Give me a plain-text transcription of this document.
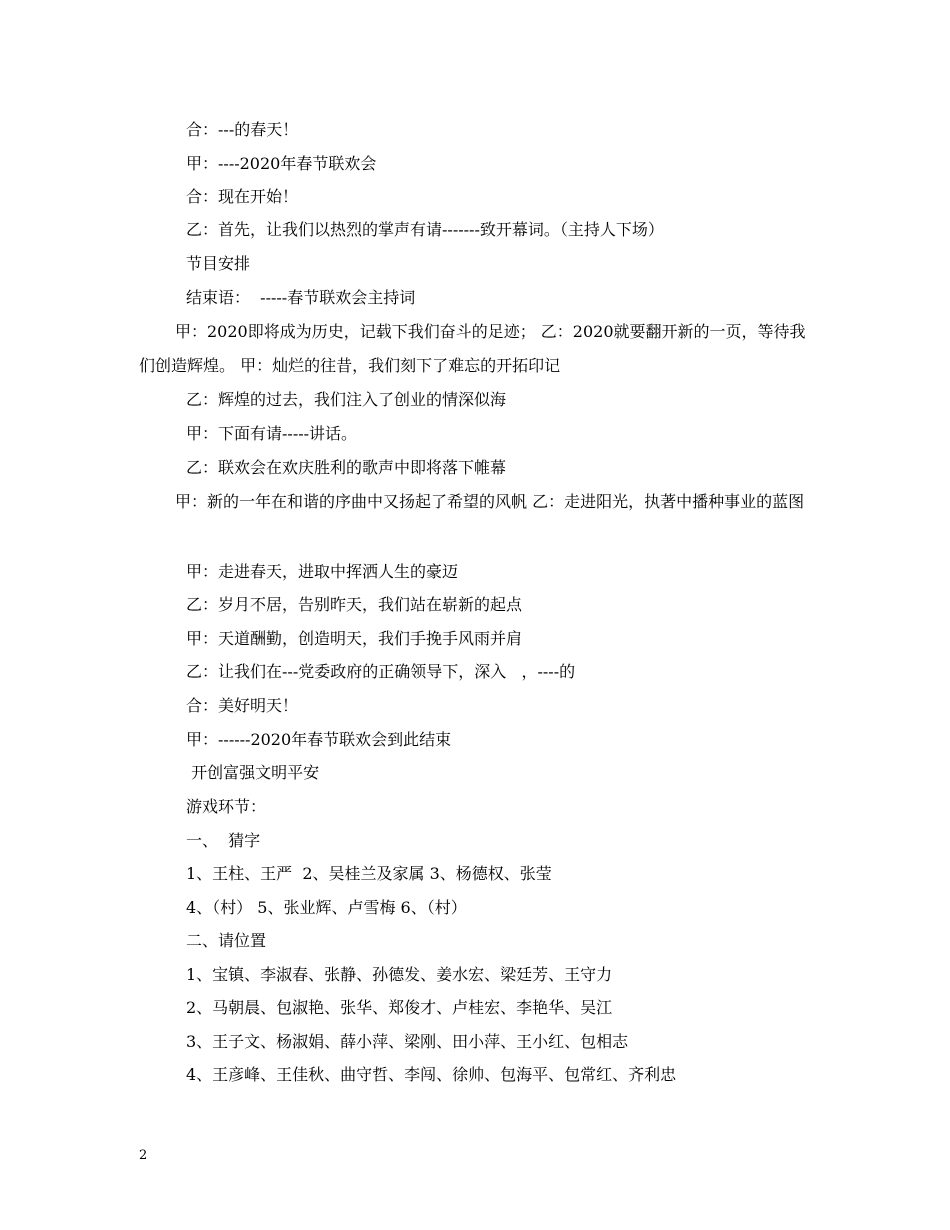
合：---的春天！
甲：----2020年春节联欢会
合：现在开始！
乙：首先，让我们以热烈的掌声有请-------致开幕词。（主持人下场）
节目安排
结束语：  -----春节联欢会主持词
甲：2020即将成为历史，记载下我们奋斗的足迹； 乙：2020就要翻开新的一页，等待我们创造辉煌。 甲：灿烂的往昔，我们刻下了难忘的开拓印记
乙：辉煌的过去，我们注入了创业的情深似海
甲：下面有请-----讲话。
乙：联欢会在欢庆胜利的歌声中即将落下帷幕
甲：新的一年在和谐的序曲中又扬起了希望的风帆 乙：走进阳光，执著中播种事业的蓝图
甲：走进春天，进取中挥洒人生的豪迈
乙：岁月不居，告别昨天，我们站在崭新的起点
甲：天道酬勤，创造明天，我们手挽手风雨并肩
乙：让我们在---党委政府的正确领导下，深入   ，----的
合：美好明天！
甲：------2020年春节联欢会到此结束
开创富强文明平安
游戏环节：
一、  猜字
1、王柱、王严  2、吴桂兰及家属 3、杨德权、张莹
4、（村） 5、张业辉、卢雪梅 6、（村）
二、请位置
1、宝镇、李淑春、张静、孙德发、姜水宏、梁廷芳、王守力
2、马朝晨、包淑艳、张华、郑俊才、卢桂宏、李艳华、吴江
3、王子文、杨淑娟、薛小萍、梁刚、田小萍、王小红、包相志
4、王彦峰、王佳秋、曲守哲、李闯、徐帅、包海平、包常红、齐利忠
2
